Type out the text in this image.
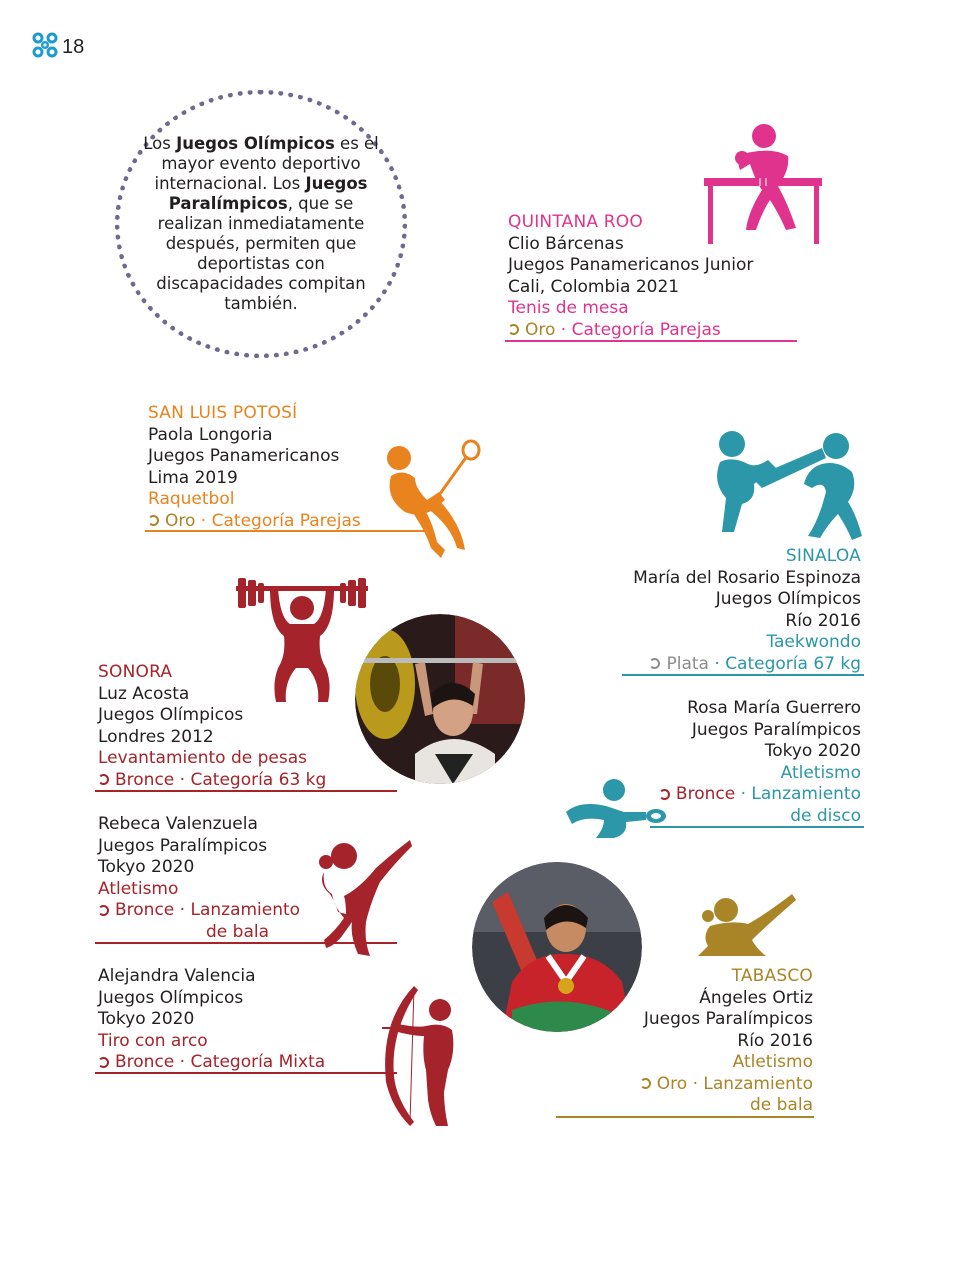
18

Los Juegos Olímpicos es el mayor evento deportivo internacional. Los Juegos Paralímpicos, que se realizan inmediatamente después, permiten que deportistas con discapacidades compitan también.

QUINTANA ROO
Clio Bárcenas
Juegos Panamericanos Junior
Cali, Colombia 2021
Tenis de mesa
Oro · Categoría Parejas
SAN LUIS POTOSÍ
Paola Longoria
Juegos Panamericanos
Lima 2019
Raquetbol
Oro · Categoría Parejas
SINALOA
María del Rosario Espinoza
Juegos Olímpicos
Río 2016
Taekwondo
Plata · Categoría 67 kg
Rosa María Guerrero
Juegos Paralímpicos
Tokyo 2020
Atletismo
Bronce · Lanzamiento
de disco
SONORA
Luz Acosta
Juegos Olímpicos
Londres 2012
Levantamiento de pesas
Bronce · Categoría 63 kg
Rebeca Valenzuela
Juegos Paralímpicos
Tokyo 2020
Atletismo
Bronce · Lanzamiento
de bala
Alejandra Valencia
Juegos Olímpicos
Tokyo 2020
Tiro con arco
Bronce · Categoría Mixta
TABASCO
Ángeles Ortiz
Juegos Paralímpicos
Río 2016
Atletismo
Oro · Lanzamiento
de bala
